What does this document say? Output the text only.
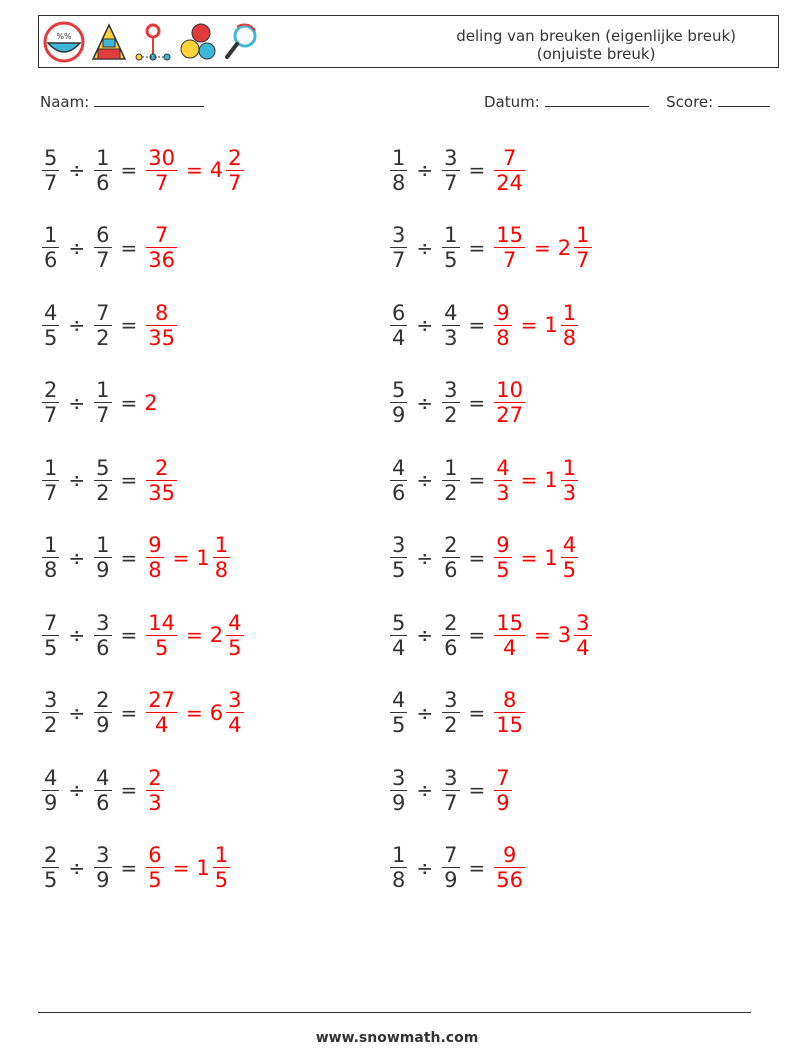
%%	deling van breuken (eigenlijke breuk)
(onjuiste breuk)
Naam:	Datum:	Score:
$\frac{5}{7} \div \frac{1}{6} = \frac{30}{7} = 4 \frac{2}{7}$	$\frac{1}{8} \div \frac{3}{7} = \frac{7}{24}$
$\frac{1}{6} \div \frac{6}{7} = \frac{7}{36}$	$\frac{3}{7} \div \frac{1}{5} = \frac{15}{7} = 2 \frac{1}{7}$
$\frac{4}{5} \div \frac{7}{2} = \frac{8}{35}$	$\frac{6}{4} \div \frac{4}{3} = \frac{9}{8} = 1 \frac{1}{8}$
$\frac{2}{7} \div \frac{1}{7} = 2$	$\frac{5}{9} \div \frac{3}{2} = \frac{10}{27}$
$\frac{1}{7} \div \frac{5}{2} = \frac{2}{35}$	$\frac{4}{6} \div \frac{1}{2} = \frac{4}{3} = 1 \frac{1}{3}$
$\frac{1}{8} \div \frac{1}{9} = \frac{9}{8} = 1 \frac{1}{8}$	$\frac{3}{5} \div \frac{2}{6} = \frac{9}{5} = 1 \frac{4}{5}$
$\frac{7}{5} \div \frac{3}{6} = \frac{14}{5} = 2 \frac{4}{5}$	$\frac{5}{4} \div \frac{2}{6} = \frac{15}{4} = 3 \frac{3}{4}$
$\frac{3}{2} \div \frac{2}{9} = \frac{27}{4} = 6 \frac{3}{4}$	$\frac{4}{5} \div \frac{3}{2} = \frac{8}{15}$
$\frac{4}{9} \div \frac{4}{6} = \frac{2}{3}$	$\frac{3}{9} \div \frac{3}{7} = \frac{7}{9}$
$\frac{2}{5} \div \frac{3}{9} = \frac{6}{5} = 1 \frac{1}{5}$	$\frac{1}{8} \div \frac{7}{9} = \frac{9}{56}$
www.snowmath.com
